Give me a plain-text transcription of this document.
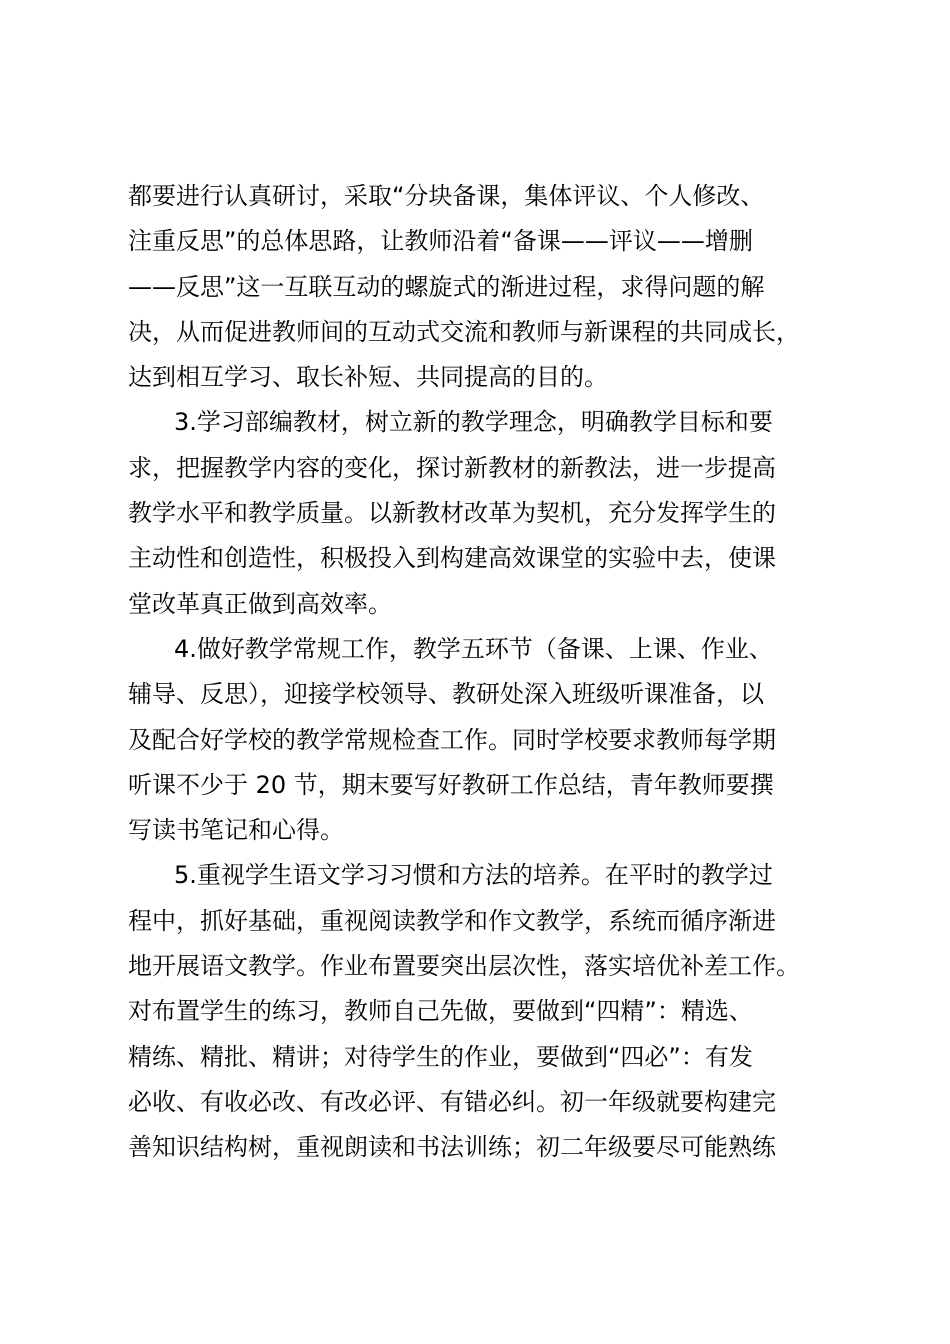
都要进行认真研讨，采取“分块备课，集体评议、个人修改、
注重反思”的总体思路，让教师沿着“备课——评议——增删
——反思”这一互联互动的螺旋式的渐进过程，求得问题的解
决，从而促进教师间的互动式交流和教师与新课程的共同成长，
达到相互学习、取长补短、共同提高的目的。
3.学习部编教材，树立新的教学理念，明确教学目标和要
求，把握教学内容的变化，探讨新教材的新教法，进一步提高
教学水平和教学质量。以新教材改革为契机，充分发挥学生的
主动性和创造性，积极投入到构建高效课堂的实验中去，使课
堂改革真正做到高效率。
4.做好教学常规工作，教学五环节（备课、上课、作业、
辅导、反思），迎接学校领导、教研处深入班级听课准备，以
及配合好学校的教学常规检查工作。同时学校要求教师每学期
听课不少于 20 节，期末要写好教研工作总结，青年教师要撰
写读书笔记和心得。
5.重视学生语文学习习惯和方法的培养。在平时的教学过
程中，抓好基础，重视阅读教学和作文教学，系统而循序渐进
地开展语文教学。作业布置要突出层次性，落实培优补差工作。
对布置学生的练习，教师自己先做，要做到“四精”：精选、
精练、精批、精讲；对待学生的作业，要做到“四必”：有发
必收、有收必改、有改必评、有错必纠。初一年级就要构建完
善知识结构树，重视朗读和书法训练；初二年级要尽可能熟练
